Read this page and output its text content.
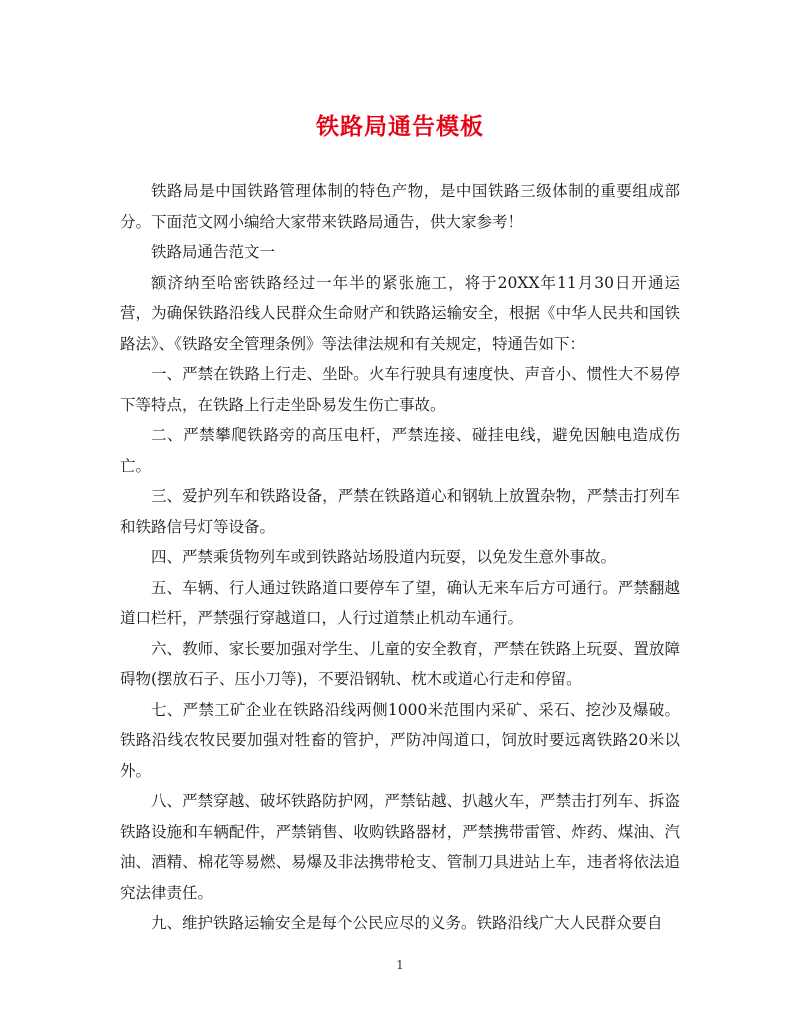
铁路局通告模板

铁路局是中国铁路管理体制的特色产物，是中国铁路三级体制的重要组成部分。下面范文网小编给大家带来铁路局通告，供大家参考！

铁路局通告范文一

额济纳至哈密铁路经过一年半的紧张施工，将于20XX年11月30日开通运营，为确保铁路沿线人民群众生命财产和铁路运输安全，根据《中华人民共和国铁路法》、《铁路安全管理条例》等法律法规和有关规定，特通告如下：

一、严禁在铁路上行走、坐卧。火车行驶具有速度快、声音小、惯性大不易停下等特点，在铁路上行走坐卧易发生伤亡事故。

二、严禁攀爬铁路旁的高压电杆，严禁连接、碰挂电线，避免因触电造成伤亡。

三、爱护列车和铁路设备，严禁在铁路道心和钢轨上放置杂物，严禁击打列车和铁路信号灯等设备。

四、严禁乘货物列车或到铁路站场股道内玩耍，以免发生意外事故。

五、车辆、行人通过铁路道口要停车了望，确认无来车后方可通行。严禁翻越道口栏杆，严禁强行穿越道口，人行过道禁止机动车通行。

六、教师、家长要加强对学生、儿童的安全教育，严禁在铁路上玩耍、置放障碍物(摆放石子、压小刀等)，不要沿钢轨、枕木或道心行走和停留。

七、严禁工矿企业在铁路沿线两侧1000米范围内采矿、采石、挖沙及爆破。铁路沿线农牧民要加强对牲畜的管护，严防冲闯道口，饲放时要远离铁路20米以外。

八、严禁穿越、破坏铁路防护网，严禁钻越、扒越火车，严禁击打列车、拆盗铁路设施和车辆配件，严禁销售、收购铁路器材，严禁携带雷管、炸药、煤油、汽油、酒精、棉花等易燃、易爆及非法携带枪支、管制刀具进站上车，违者将依法追究法律责任。

九、维护铁路运输安全是每个公民应尽的义务。铁路沿线广大人民群众要自

1
